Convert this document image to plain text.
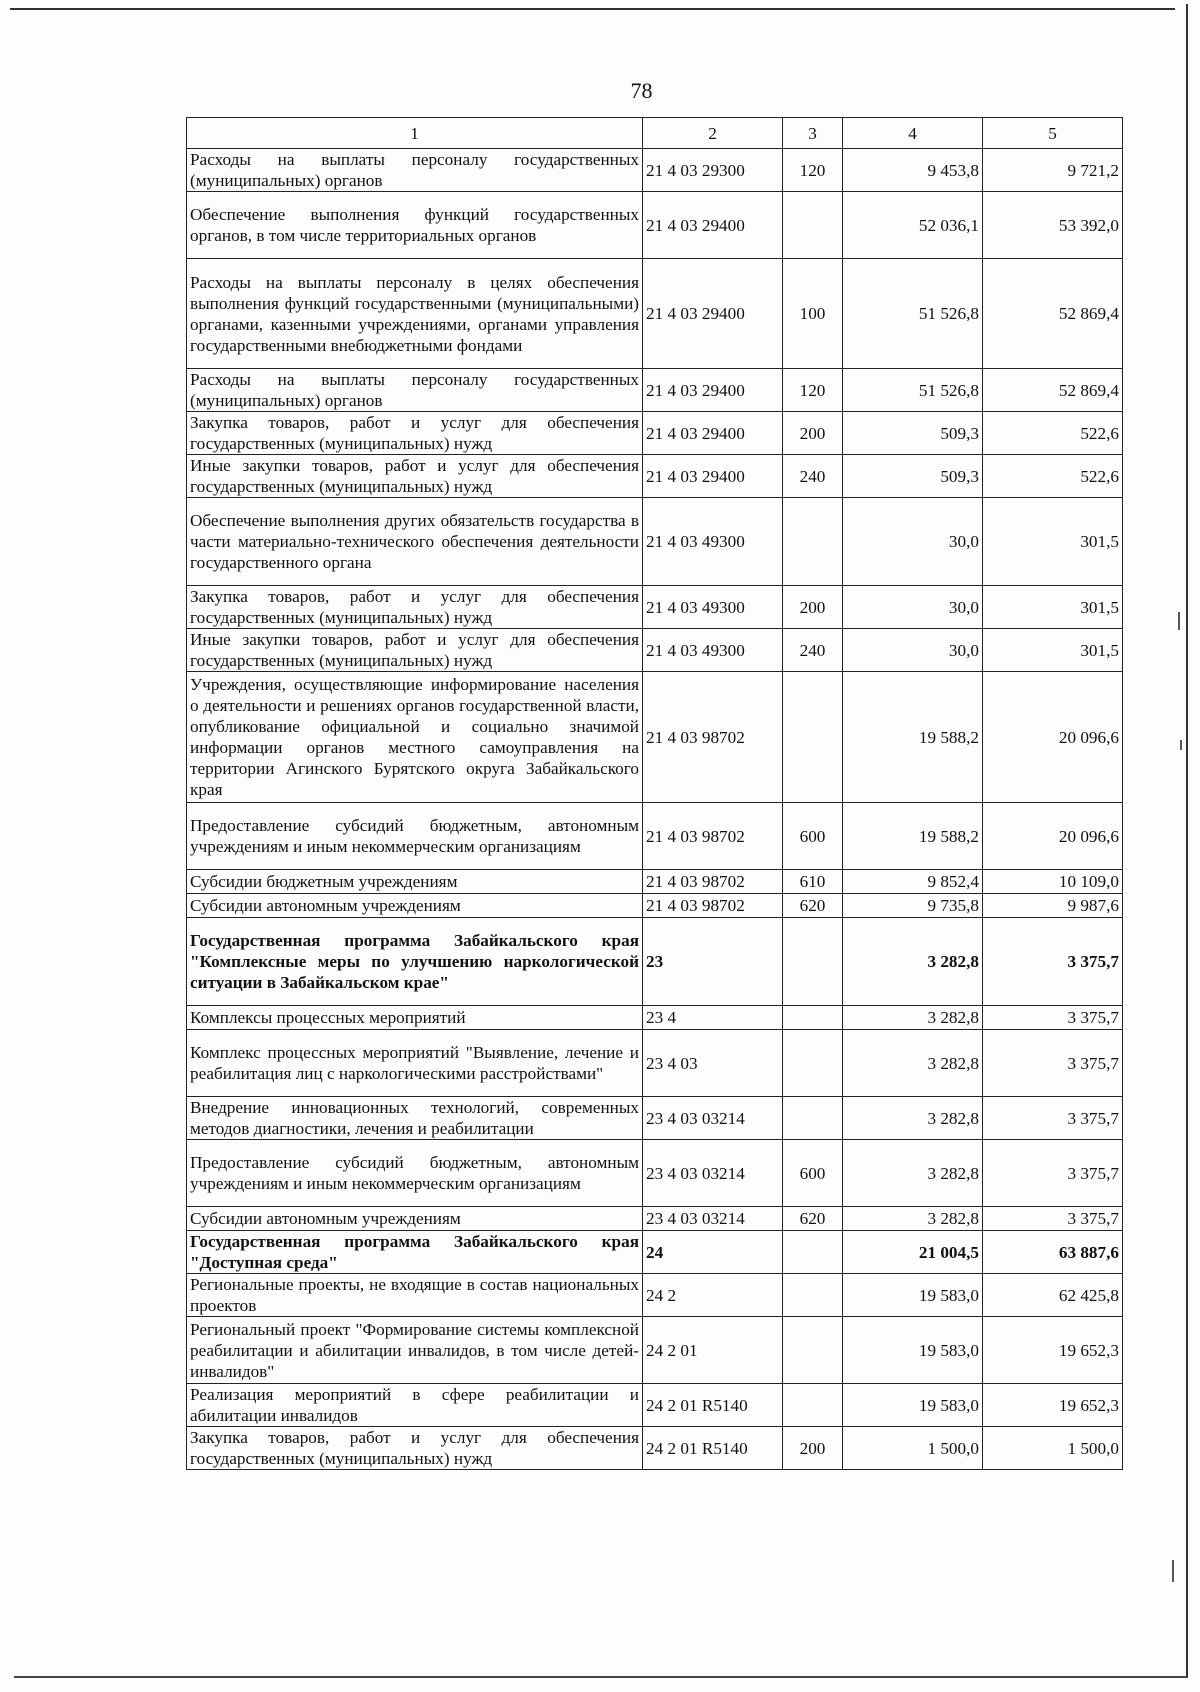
78
1	2	3	4	5
Расходы на выплаты персоналу государственных (муниципальных) органов	21 4 03 29300	120	9 453,8	9 721,2
Обеспечение выполнения функций государственных органов, в том числе территориальных органов	21 4 03 29400		52 036,1	53 392,0
Расходы на выплаты персоналу в целях обеспечения выполнения функций государственными (муниципальными) органами, казенными учреждениями, органами управления государственными внебюджетными фондами	21 4 03 29400	100	51 526,8	52 869,4
Расходы на выплаты персоналу государственных (муниципальных) органов	21 4 03 29400	120	51 526,8	52 869,4
Закупка товаров, работ и услуг для обеспечения государственных (муниципальных) нужд	21 4 03 29400	200	509,3	522,6
Иные закупки товаров, работ и услуг для обеспечения государственных (муниципальных) нужд	21 4 03 29400	240	509,3	522,6
Обеспечение выполнения других обязательств государства в части материально-технического обеспечения деятельности государственного органа	21 4 03 49300		30,0	301,5
Закупка товаров, работ и услуг для обеспечения государственных (муниципальных) нужд	21 4 03 49300	200	30,0	301,5
Иные закупки товаров, работ и услуг для обеспечения государственных (муниципальных) нужд	21 4 03 49300	240	30,0	301,5
Учреждения, осуществляющие информирование населения о деятельности и решениях органов государственной власти, опубликование официальной и социально значимой информации органов местного самоуправления на территории Агинского Бурятского округа Забайкальского края	21 4 03 98702		19 588,2	20 096,6
Предоставление субсидий бюджетным, автономным учреждениям и иным некоммерческим организациям	21 4 03 98702	600	19 588,2	20 096,6
Субсидии бюджетным учреждениям	21 4 03 98702	610	9 852,4	10 109,0
Субсидии автономным учреждениям	21 4 03 98702	620	9 735,8	9 987,6
Государственная программа Забайкальского края "Комплексные меры по улучшению наркологической ситуации в Забайкальском крае"	23		3 282,8	3 375,7
Комплексы процессных мероприятий	23 4		3 282,8	3 375,7
Комплекс процессных мероприятий "Выявление, лечение и реабилитация лиц с наркологическими расстройствами"	23 4 03		3 282,8	3 375,7
Внедрение инновационных технологий, современных методов диагностики, лечения и реабилитации	23 4 03 03214		3 282,8	3 375,7
Предоставление субсидий бюджетным, автономным учреждениям и иным некоммерческим организациям	23 4 03 03214	600	3 282,8	3 375,7
Субсидии автономным учреждениям	23 4 03 03214	620	3 282,8	3 375,7
Государственная программа Забайкальского края "Доступная среда"	24		21 004,5	63 887,6
Региональные проекты, не входящие в состав национальных проектов	24 2		19 583,0	62 425,8
Региональный проект "Формирование системы комплексной реабилитации и абилитации инвалидов, в том числе детей-инвалидов"	24 2 01		19 583,0	19 652,3
Реализация мероприятий в сфере реабилитации и абилитации инвалидов	24 2 01 R5140		19 583,0	19 652,3
Закупка товаров, работ и услуг для обеспечения государственных (муниципальных) нужд	24 2 01 R5140	200	1 500,0	1 500,0
